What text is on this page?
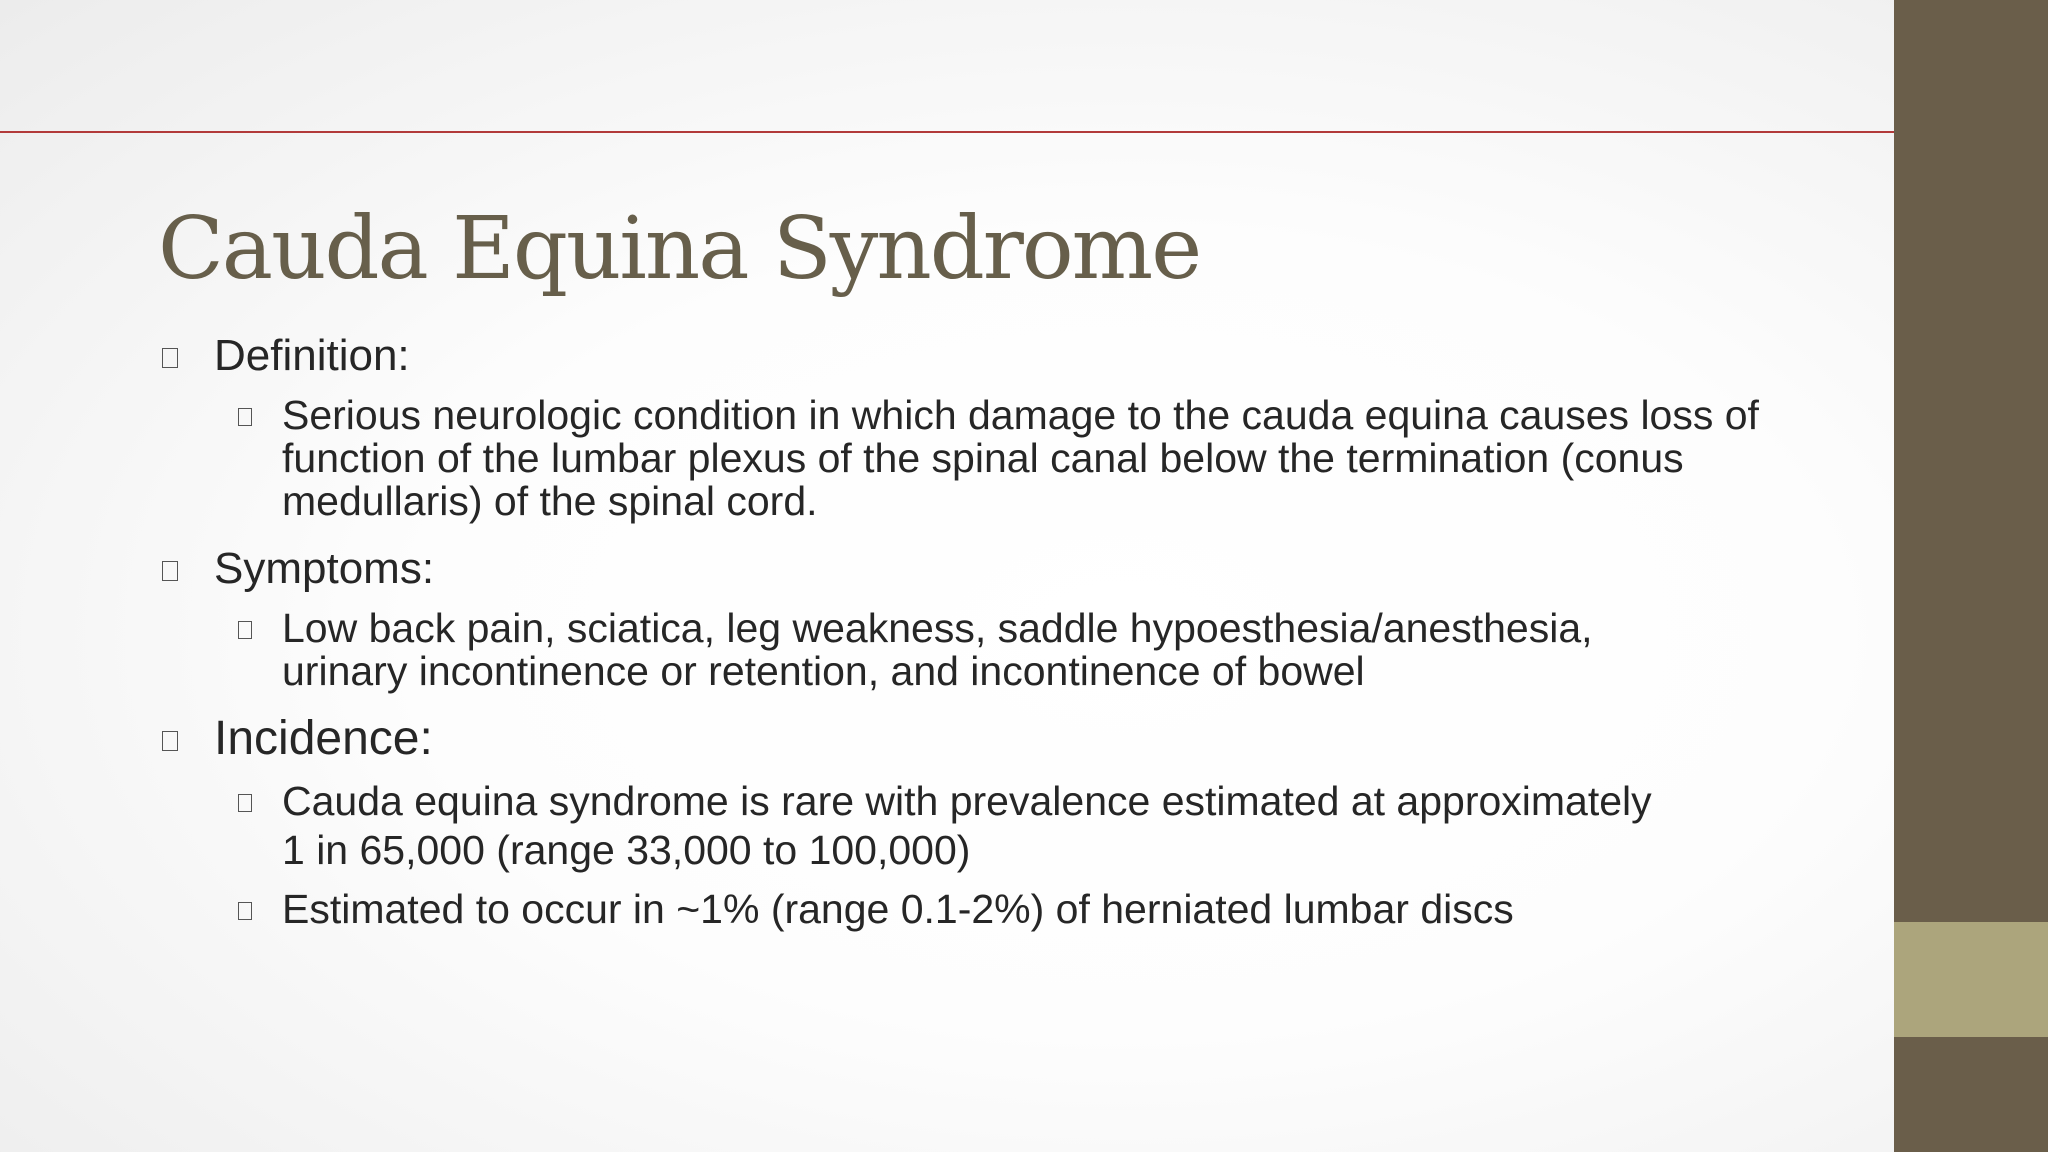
Cauda Equina Syndrome
Definition:
Serious neurologic condition in which damage to the cauda equina causes loss of function of the lumbar plexus of the spinal canal below the termination (conus medullaris) of the spinal cord.
Symptoms:
Low back pain, sciatica, leg weakness, saddle hypoesthesia/anesthesia, urinary incontinence or retention, and incontinence of bowel
Incidence:
Cauda equina syndrome is rare with prevalence estimated at approximately 1 in 65,000 (range 33,000 to 100,000)
Estimated to occur in ~1% (range 0.1-2%) of herniated lumbar discs
